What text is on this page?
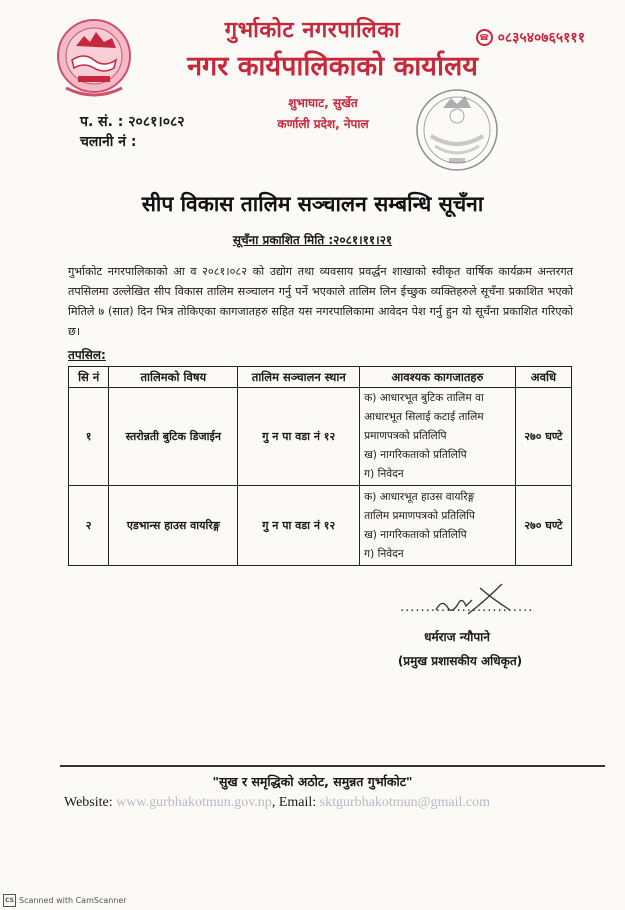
गुर्भाकोट नगरपालिका
नगर कार्यपालिकाको कार्यालय
☎ ०८३५४०७६५१११
शुभाघाट, सुर्खेत
कर्णाली प्रदेश, नेपाल
प. सं. : २०८१।०८२
चलानी नं :
सीप विकास तालिम सञ्चालन सम्बन्धि सूचँना
सूचँना प्रकाशित मिति :२०८१।११।२१
गुर्भाकोट नगरपालिकाको आ व २०८१।०८२ को उद्योग तथा व्यवसाय प्रवर्द्धन शाखाको स्वीकृत वार्षिक कार्यक्रम अन्तरगत तपसिलमा उल्लेखित सीप विकास तालिम सञ्चालन गर्नु पर्ने भएकाले तालिम लिन ईच्छुक व्यक्तिहरुले सूचँना प्रकाशित भएको मितिले ७ (सात) दिन भित्र तोकिएका कागजातहरु सहित यस नगरपालिकामा आवेदन पेश गर्नु हुन यो सूचँना प्रकाशित गरिएको छ।
तपसिल:
सि नं	तालिमको विषय	तालिम सञ्चालन स्थान	आवश्यक कागजातहरु	अवधि
१	स्तरोन्नती बुटिक डिजाईन	गु न पा वडा नं १२	क) आधारभूत बुटिक तालिम वा
आधारभूत सिलाई कटाई तालिम
प्रमाणपत्रको प्रतिलिपि
ख) नागरिकताको प्रतिलिपि
ग) निवेदन	२७० घण्टे
२	एडभान्स हाउस वायरिङ्ग	गु न पा वडा नं १२	क) आधारभूत हाउस वायरिङ्ग
तालिम प्रमाणपत्रको प्रतिलिपि
ख) नागरिकताको प्रतिलिपि
ग) निवेदन	२७० घण्टे
..........................
धर्मराज न्यौपाने
(प्रमुख प्रशासकीय अधिकृत)
"सुख र समृद्धिको अठोट, समुन्नत गुर्भाकोट"
Website: www.gurbhakotmun.gov.np, Email: sktgurbhakotmun@gmail.com
CS Scanned with CamScanner
